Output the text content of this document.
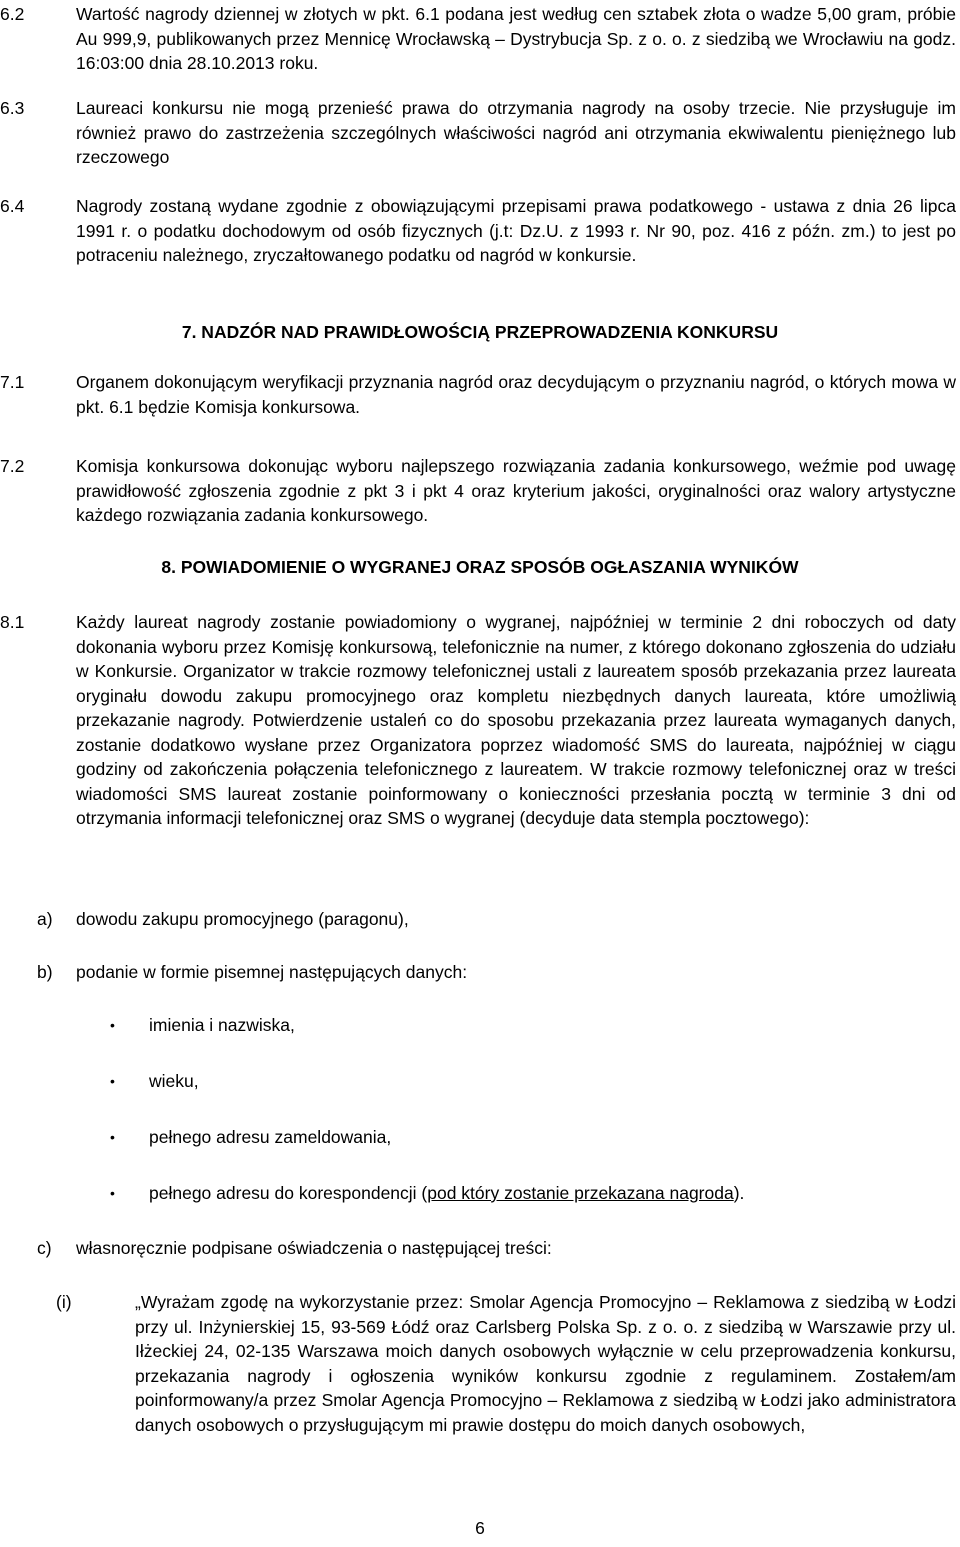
6.2	Wartość nagrody dziennej w złotych w pkt. 6.1 podana jest według cen sztabek złota o wadze 5,00 gram, próbie Au 999,9, publikowanych przez Mennicę Wrocławską – Dystrybucja Sp. z o. o. z siedzibą we Wrocławiu na godz. 16:03:00 dnia 28.10.2013 roku.
6.3	Laureaci konkursu nie mogą przenieść prawa do otrzymania nagrody na osoby trzecie. Nie przysługuje im również prawo do zastrzeżenia szczególnych właściwości nagród ani otrzymania ekwiwalentu pieniężnego lub rzeczowego
6.4	Nagrody zostaną wydane zgodnie z obowiązującymi przepisami prawa podatkowego - ustawa z dnia 26 lipca 1991 r. o podatku dochodowym od osób fizycznych (j.t: Dz.U. z 1993 r. Nr 90, poz. 416 z późn. zm.) to jest po potraceniu należnego, zryczałtowanego podatku od nagród w konkursie.
7. NADZÓR NAD PRAWIDŁOWOŚCIĄ PRZEPROWADZENIA KONKURSU
7.1	Organem dokonującym weryfikacji przyznania nagród oraz decydującym o przyznaniu nagród, o których mowa w pkt. 6.1 będzie Komisja konkursowa.
7.2	Komisja konkursowa dokonując wyboru najlepszego rozwiązania zadania konkursowego, weźmie pod uwagę prawidłowość zgłoszenia zgodnie z pkt 3 i pkt 4 oraz kryterium jakości, oryginalności oraz walory artystyczne każdego rozwiązania zadania konkursowego.
8. POWIADOMIENIE O WYGRANEJ ORAZ SPOSÓB OGŁASZANIA WYNIKÓW
8.1	Każdy laureat nagrody zostanie powiadomiony o wygranej, najpóźniej w terminie 2 dni roboczych od daty dokonania wyboru przez Komisję konkursową, telefonicznie na numer, z którego dokonano zgłoszenia do udziału w Konkursie. Organizator w trakcie rozmowy telefonicznej ustali z laureatem sposób przekazania przez laureata oryginału dowodu zakupu promocyjnego oraz kompletu niezbędnych danych laureata, które umożliwią przekazanie nagrody. Potwierdzenie ustaleń co do sposobu przekazania przez laureata wymaganych danych, zostanie dodatkowo wysłane przez Organizatora poprzez wiadomość SMS do laureata, najpóźniej w ciągu godziny od zakończenia połączenia telefonicznego z laureatem. W trakcie rozmowy telefonicznej oraz w treści wiadomości SMS laureat zostanie poinformowany o konieczności przesłania pocztą w terminie 3 dni od otrzymania informacji telefonicznej oraz SMS o wygranej (decyduje data stempla pocztowego):
a) dowodu zakupu promocyjnego (paragonu),
b) podanie w formie pisemnej następujących danych:
• imienia i nazwiska,
• wieku,
• pełnego adresu zameldowania,
• pełnego adresu do korespondencji (pod który zostanie przekazana nagroda).
c) własnoręcznie podpisane oświadczenia o następującej treści:
(i)	„Wyrażam zgodę na wykorzystanie przez: Smolar Agencja Promocyjno – Reklamowa z siedzibą w Łodzi przy ul. Inżynierskiej 15, 93-569 Łódź oraz Carlsberg Polska Sp. z o. o. z siedzibą w Warszawie przy ul. Iłżeckiej 24, 02-135 Warszawa moich danych osobowych wyłącznie w celu przeprowadzenia konkursu, przekazania nagrody i ogłoszenia wyników konkursu zgodnie z regulaminem. Zostałem/am poinformowany/a przez Smolar Agencja Promocyjno – Reklamowa z siedzibą w Łodzi jako administratora danych osobowych o przysługującym mi prawie dostępu do moich danych osobowych,
6
